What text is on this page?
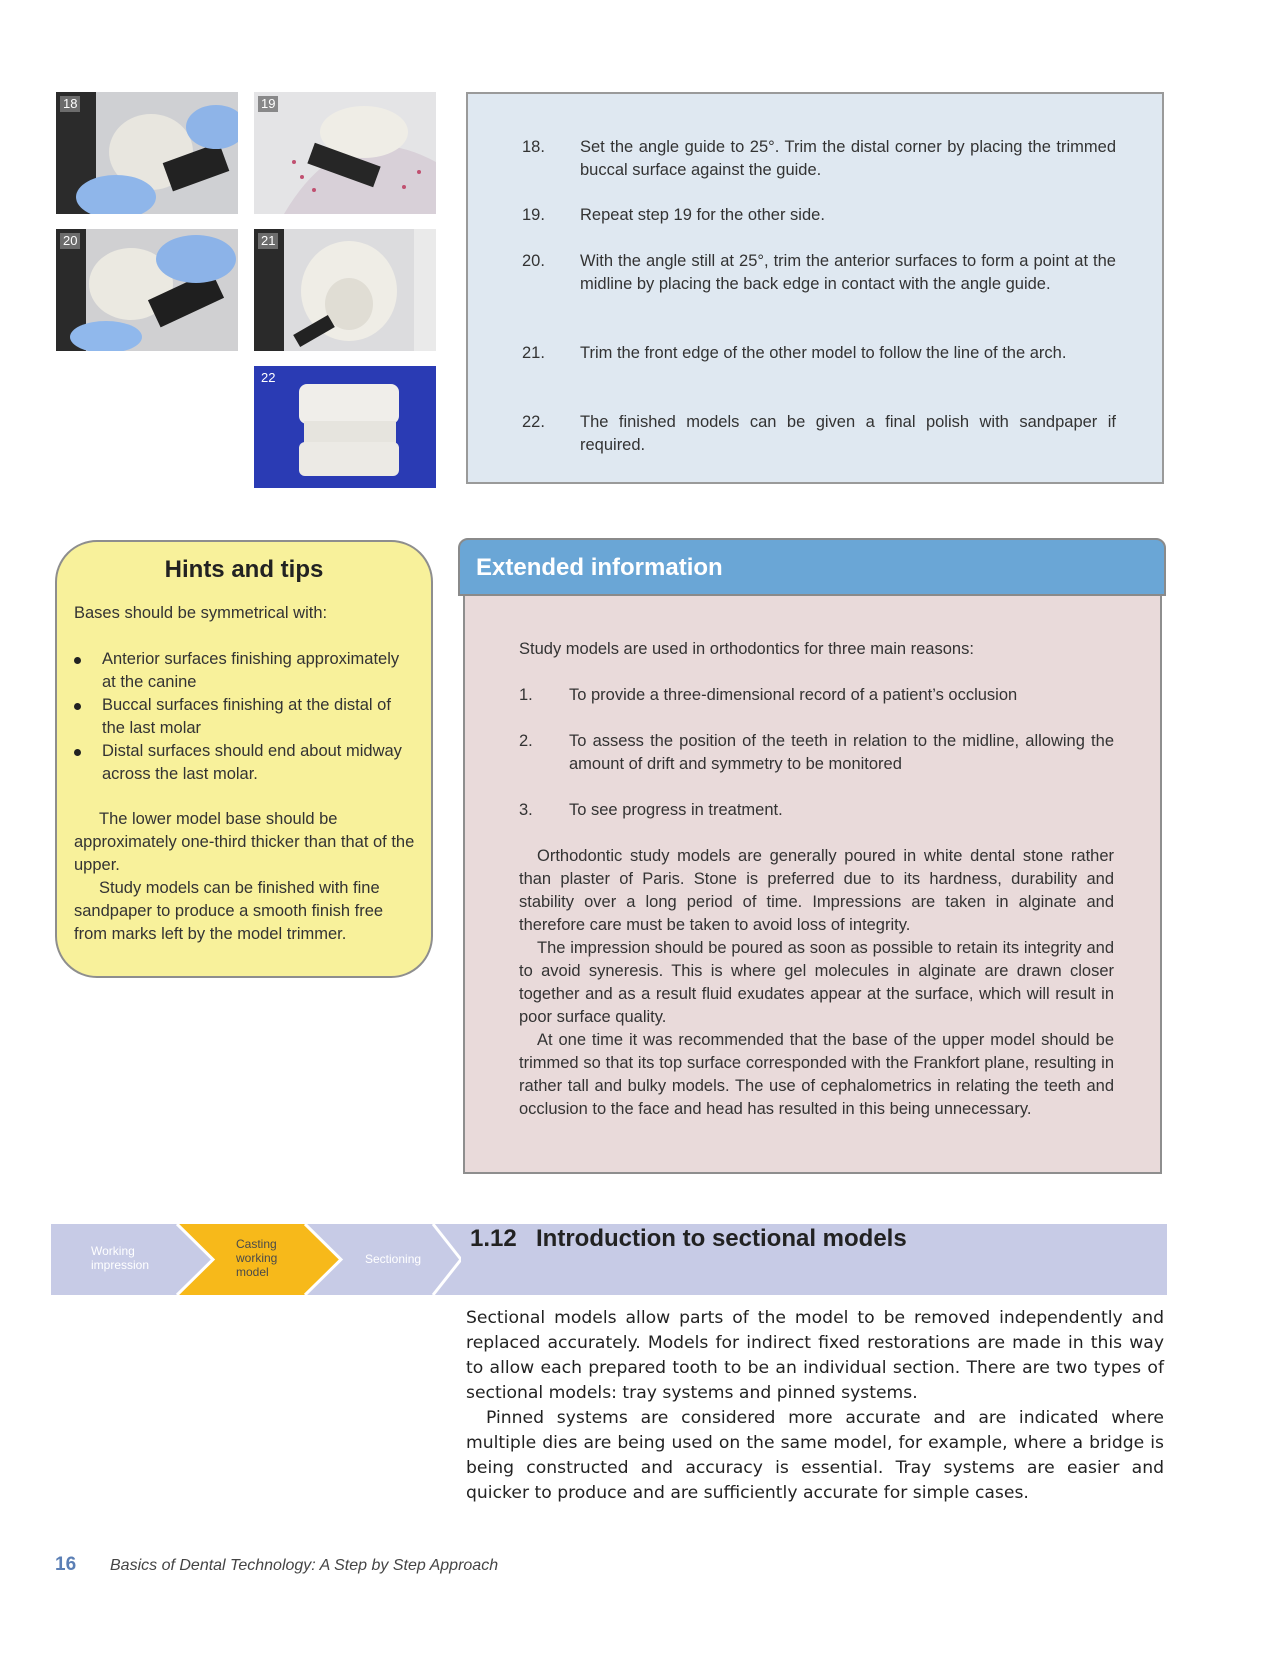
18	19
20	21
22
18.	Set the angle guide to 25°. Trim the distal corner by placing the trimmed buccal surface against the guide.
19.	Repeat step 19 for the other side.
20.	With the angle still at 25°, trim the anterior surfaces to form a point at the midline by placing the back edge in contact with the angle guide.
21.	Trim the front edge of the other model to follow the line of the arch.
22.	The finished models can be given a final polish with sandpaper if required.
Hints and tips
Bases should be symmetrical with:
Anterior surfaces finishing approximately at the canine
Buccal surfaces finishing at the distal of the last molar
Distal surfaces should end about midway across the last molar.
The lower model base should be approximately one-third thicker than that of the upper.
Study models can be finished with fine sandpaper to produce a smooth finish free from marks left by the model trimmer.
Extended information
Study models are used in orthodontics for three main reasons:
1. To provide a three-dimensional record of a patient’s occlusion
2. To assess the position of the teeth in relation to the midline, allowing the amount of drift and symmetry to be monitored
3. To see progress in treatment.
Orthodontic study models are generally poured in white dental stone rather than plaster of Paris. Stone is preferred due to its hardness, durability and stability over a long period of time. Impressions are taken in alginate and therefore care must be taken to avoid loss of integrity.
The impression should be poured as soon as possible to retain its integrity and to avoid syneresis. This is where gel molecules in alginate are drawn closer together and as a result fluid exudates appear at the surface, which will result in poor surface quality.
At one time it was recommended that the base of the upper model should be trimmed so that its top surface corresponded with the Frankfort plane, resulting in rather tall and bulky models. The use of cephalometrics in relating the teeth and occlusion to the face and head has resulted in this being unnecessary.
Working impression
Casting working model
Sectioning
1.12 Introduction to sectional models
Sectional models allow parts of the model to be removed independently and replaced accurately. Models for indirect fixed restorations are made in this way to allow each prepared tooth to be an individual section. There are two types of sectional models: tray systems and pinned systems.
Pinned systems are considered more accurate and are indicated where multiple dies are being used on the same model, for example, where a bridge is being constructed and accuracy is essential. Tray systems are easier and quicker to produce and are sufficiently accurate for simple cases.
16 Basics of Dental Technology: A Step by Step Approach
